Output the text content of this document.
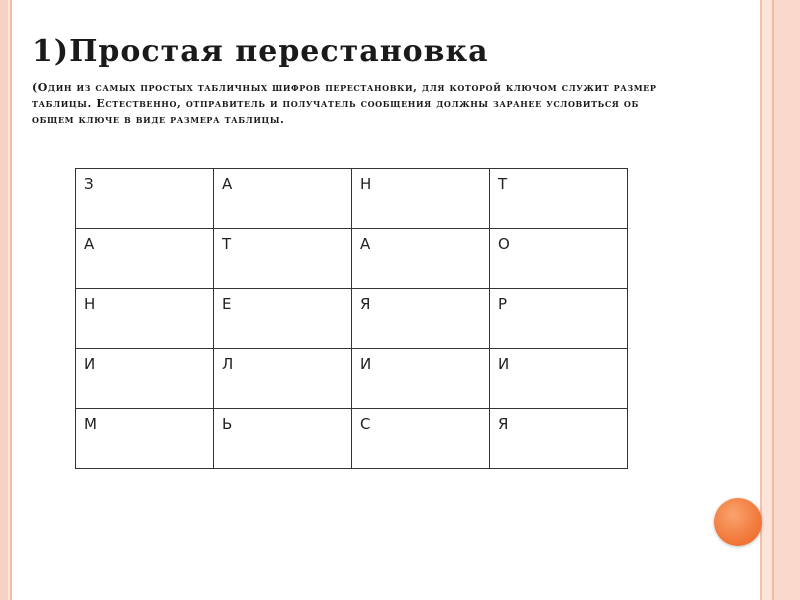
1)Простая перестановка
(Один из самых простых табличных шифров перестановки, для которой ключом служит размер таблицы. Естественно, отправитель и получатель сообщения должны заранее условиться об общем ключе в виде размера таблицы.
З	А	Н	Т
А	Т	А	О
Н	Е	Я	Р
И	Л	И	И
М	Ь	С	Я
